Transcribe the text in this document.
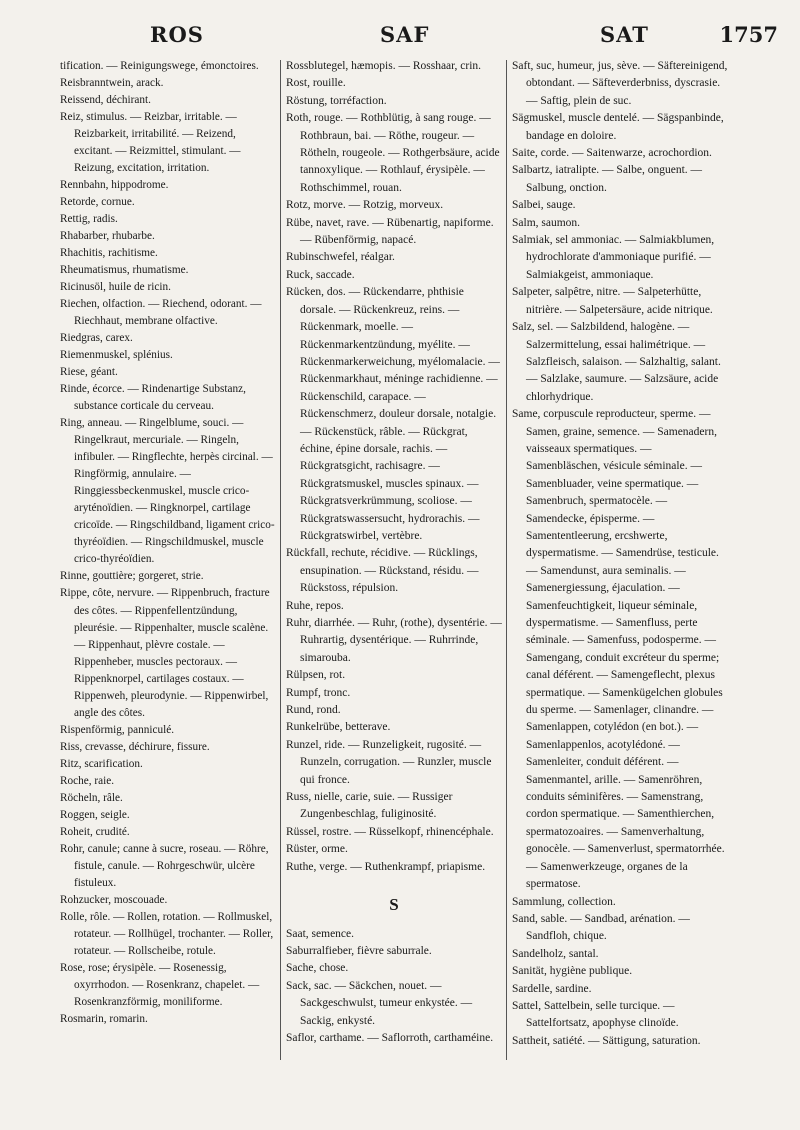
ROS	SAF	SAT	1757

tification. — Reinigungswege, émonctoires.

Reisbranntwein, arack.

Reissend, déchirant.

Reiz, stimulus. — Reizbar, irritable. — Reizbarkeit, irritabilité. — Reizend, excitant. — Reizmittel, stimulant. — Reizung, excitation, irritation.

Rennbahn, hippodrome.

Retorde, cornue.

Rettig, radis.

Rhabarber, rhubarbe.

Rhachitis, rachitisme.

Rheumatismus, rhumatisme.

Ricinusöl, huile de ricin.

Riechen, olfaction. — Riechend, odorant. — Riechhaut, membrane olfactive.

Riedgras, carex.

Riemenmuskel, splénius.

Riese, géant.

Rinde, écorce. — Rindenartige Substanz, substance corticale du cerveau.

Ring, anneau. — Ringelblume, souci. — Ringelkraut, mercuriale. — Ringeln, infibuler. — Ringflechte, herpès circinal. — Ringförmig, annulaire. — Ringgiessbeckenmuskel, muscle crico-aryténoïdien. — Ringknorpel, cartilage cricoïde. — Ringschildband, ligament crico-thyréoïdien. — Ringschildmuskel, muscle crico-thyréoïdien.

Rinne, gouttière; gorgeret, strie.

Rippe, côte, nervure. — Rippenbruch, fracture des côtes. — Rippenfellentzündung, pleurésie. — Rippenhalter, muscle scalène. — Rippenhaut, plèvre costale. — Rippenheber, muscles pectoraux. — Rippenknorpel, cartilages costaux. — Rippenweh, pleurodynie. — Rippenwirbel, angle des côtes.

Rispenförmig, panniculé.

Riss, crevasse, déchirure, fissure.

Ritz, scarification.

Roche, raie.

Röcheln, râle.

Roggen, seigle.

Roheit, crudité.

Rohr, canule; canne à sucre, roseau. — Röhre, fistule, canule. — Rohrgeschwür, ulcère fistuleux.

Rohzucker, moscouade.

Rolle, rôle. — Rollen, rotation. — Rollmuskel, rotateur. — Rollhügel, trochanter. — Roller, rotateur. — Rollscheibe, rotule.

Rose, rose; érysipèle. — Rosenessig, oxyrrhodon. — Rosenkranz, chapelet. — Rosenkranzförmig, moniliforme.

Rosmarin, romarin.

Rossblutegel, hæmopis. — Rosshaar, crin.

Rost, rouille.

Röstung, torréfaction.

Roth, rouge. — Rothblütig, à sang rouge. — Rothbraun, bai. — Röthe, rougeur. — Rötheln, rougeole. — Rothgerbsäure, acide tannoxylique. — Rothlauf, érysipèle. — Rothschimmel, rouan.

Rotz, morve. — Rotzig, morveux.

Rübe, navet, rave. — Rübenartig, napiforme. — Rübenförmig, napacé.

Rubinschwefel, réalgar.

Ruck, saccade.

Rücken, dos. — Rückendarre, phthisie dorsale. — Rückenkreuz, reins. — Rückenmark, moelle. — Rückenmarkentzündung, myélite. — Rückenmarkerweichung, myélomalacie. — Rückenmarkhaut, méninge rachidienne. — Rückenschild, carapace. — Rückenschmerz, douleur dorsale, notalgie. — Rückenstück, râble. — Rückgrat, échine, épine dorsale, rachis. — Rückgratsgicht, rachisagre. — Rückgratsmuskel, muscles spinaux. — Rückgratsverkrümmung, scoliose. — Rückgratswassersucht, hydrorachis. — Rückgratswirbel, vertèbre.

Rückfall, rechute, récidive. — Rücklings, ensupination. — Rückstand, résidu. — Rückstoss, répulsion.

Ruhe, repos.

Ruhr, diarrhée. — Ruhr, (rothe), dysentérie. — Ruhrartig, dysentérique. — Ruhrrinde, simarouba.

Rülpsen, rot.

Rumpf, tronc.

Rund, rond.

Runkelrübe, betterave.

Runzel, ride. — Runzeligkeit, rugosité. — Runzeln, corrugation. — Runzler, muscle qui fronce.

Russ, nielle, carie, suie. — Russiger Zungenbeschlag, fuliginosité.

Rüssel, rostre. — Rüsselkopf, rhinencéphale.

Rüster, orme.

Ruthe, verge. — Ruthenkrampf, priapisme.

S

Saat, semence.

Saburralfieber, fièvre saburrale.

Sache, chose.

Sack, sac. — Säckchen, nouet. — Sackgeschwulst, tumeur enkystée. — Sackig, enkysté.

Saflor, carthame. — Saflorroth, carthaméine.

Saft, suc, humeur, jus, sève. — Säftereinigend, obtondant. — Säfteverderbniss, dyscrasie. — Saftig, plein de suc.

Sägmuskel, muscle dentelé. — Sägspanbinde, bandage en doloire.

Saite, corde. — Saitenwarze, acrochordion.

Salbartz, iatralipte. — Salbe, onguent. — Salbung, onction.

Salbei, sauge.

Salm, saumon.

Salmiak, sel ammoniac. — Salmiakblumen, hydrochlorate d'ammoniaque purifié. — Salmiakgeist, ammoniaque.

Salpeter, salpêtre, nitre. — Salpeterhütte, nitrière. — Salpetersäure, acide nitrique.

Salz, sel. — Salzbildend, halogène. — Salzermittelung, essai halimétrique. — Salzfleisch, salaison. — Salzhaltig, salant. — Salzlake, saumure. — Salzsäure, acide chlorhydrique.

Same, corpuscule reproducteur, sperme. — Samen, graine, semence. — Samenadern, vaisseaux spermatiques. — Samenbläschen, vésicule séminale. — Samenbluader, veine spermatique. — Samenbruch, spermatocèle. — Samendecke, épisperme. — Samententleerung, ercshwerte, dyspermatisme. — Samendrüse, testicule. — Samendunst, aura seminalis. — Samenergiessung, éjaculation. — Samenfeuchtigkeit, liqueur séminale, dyspermatisme. — Samenfluss, perte séminale. — Samenfuss, podosperme. — Samengang, conduit excréteur du sperme; canal déférent. — Samengeflecht, plexus spermatique. — Samenkügelchen globules du sperme. — Samenlager, clinandre. — Samenlappen, cotylédon (en bot.). — Samenlappenlos, acotylédoné. — Samenleiter, conduit déférent. — Samenmantel, arille. — Samenröhren, conduits séminifères. — Samenstrang, cordon spermatique. — Samenthierchen, spermatozoaires. — Samenverhaltung, gonocèle. — Samenverlust, spermatorrhée. — Samenwerkzeuge, organes de la spermatose.

Sammlung, collection.

Sand, sable. — Sandbad, arénation. — Sandfloh, chique.

Sandelholz, santal.

Sanität, hygiène publique.

Sardelle, sardine.

Sattel, Sattelbein, selle turcique. — Sattelfortsatz, apophyse clinoïde.

Sattheit, satiété. — Sättigung, saturation.
